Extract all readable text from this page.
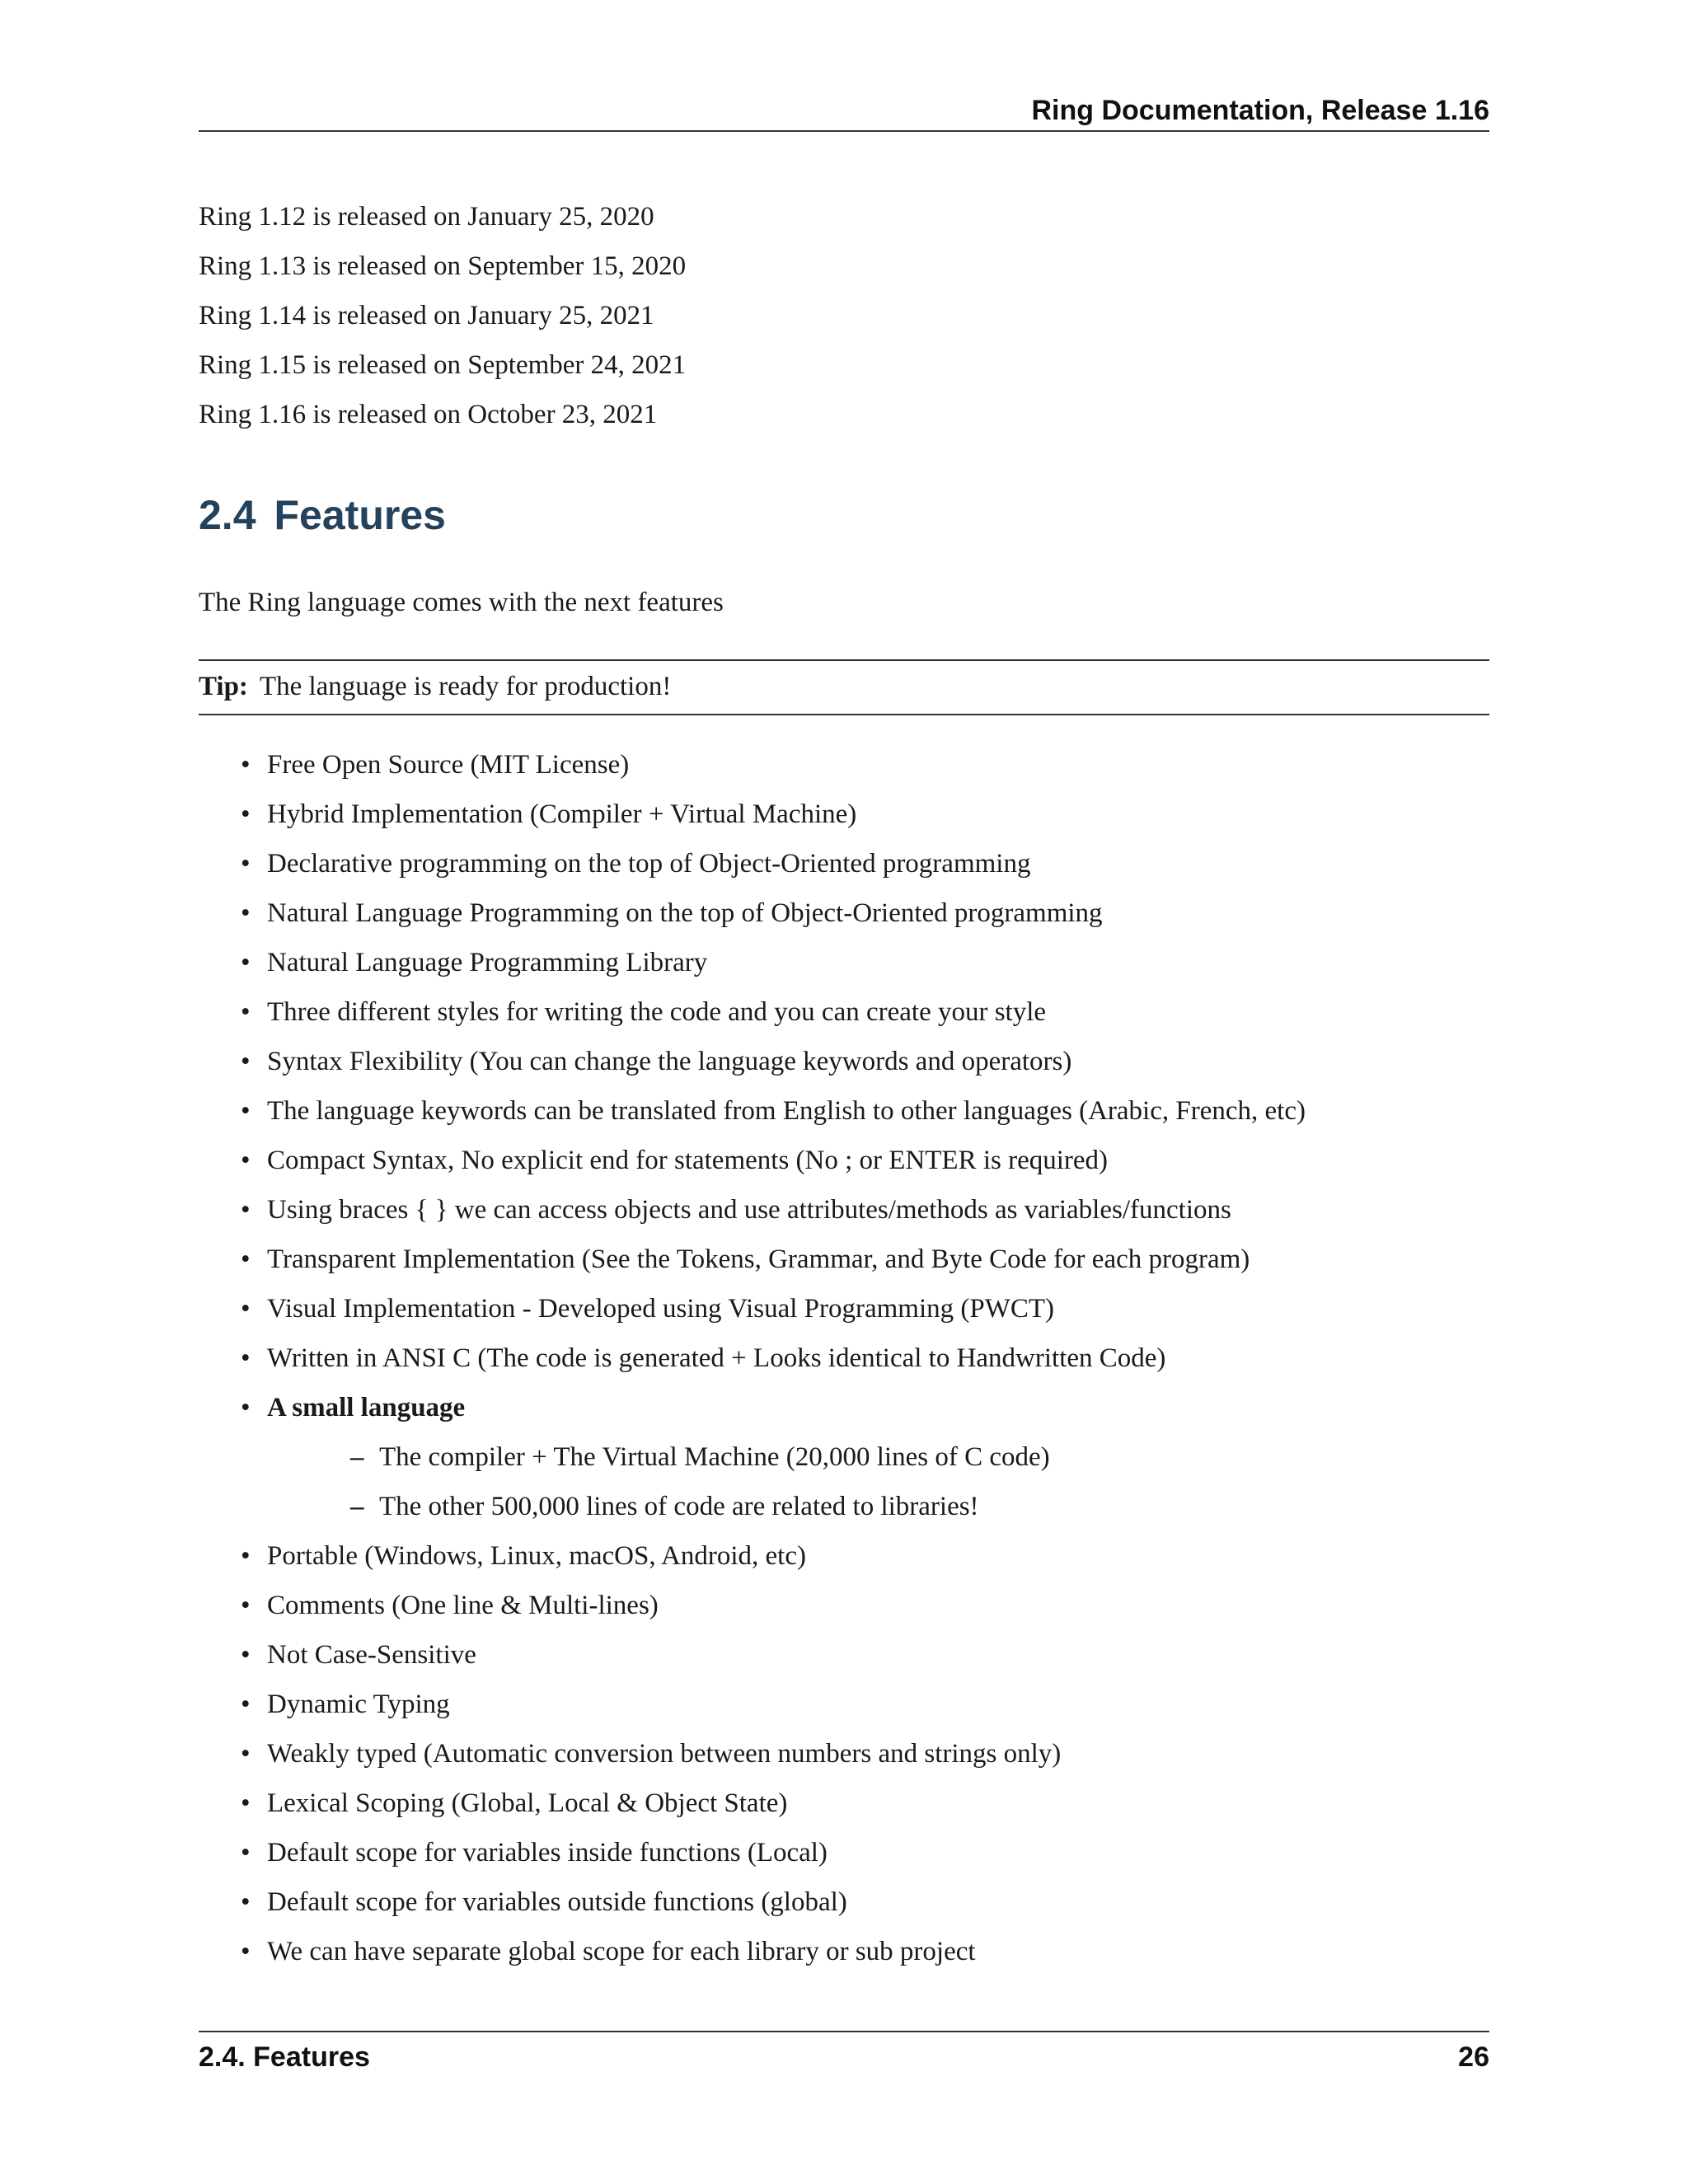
Ring Documentation, Release 1.16
Ring 1.12 is released on January 25, 2020
Ring 1.13 is released on September 15, 2020
Ring 1.14 is released on January 25, 2021
Ring 1.15 is released on September 24, 2021
Ring 1.16 is released on October 23, 2021
2.4 Features
The Ring language comes with the next features
Tip: The language is ready for production!
• Free Open Source (MIT License)
• Hybrid Implementation (Compiler + Virtual Machine)
• Declarative programming on the top of Object-Oriented programming
• Natural Language Programming on the top of Object-Oriented programming
• Natural Language Programming Library
• Three different styles for writing the code and you can create your style
• Syntax Flexibility (You can change the language keywords and operators)
• The language keywords can be translated from English to other languages (Arabic, French, etc)
• Compact Syntax, No explicit end for statements (No ; or ENTER is required)
• Using braces { } we can access objects and use attributes/methods as variables/functions
• Transparent Implementation (See the Tokens, Grammar, and Byte Code for each program)
• Visual Implementation - Developed using Visual Programming (PWCT)
• Written in ANSI C (The code is generated + Looks identical to Handwritten Code)
• A small language
– The compiler + The Virtual Machine (20,000 lines of C code)
– The other 500,000 lines of code are related to libraries!
• Portable (Windows, Linux, macOS, Android, etc)
• Comments (One line & Multi-lines)
• Not Case-Sensitive
• Dynamic Typing
• Weakly typed (Automatic conversion between numbers and strings only)
• Lexical Scoping (Global, Local & Object State)
• Default scope for variables inside functions (Local)
• Default scope for variables outside functions (global)
• We can have separate global scope for each library or sub project
2.4. Features	26
